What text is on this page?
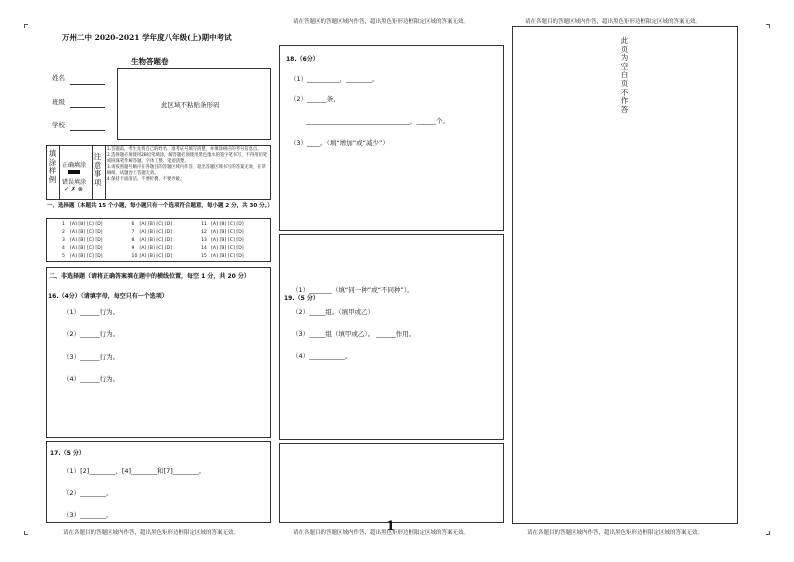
请在答题区的答题区域内作答，超出黑色矩形边框限定区域的答案无效。	请在各题目的答题区域内作答，超出黑色矩形边框限定区域的答案无效。
万州二中 2020-2021 学年度八年级(上)期中考试
生物答题卷
姓名
班级
学校
此区域不粘贴条形码
填
涂
样
例
正确填涂
错误填涂
✓ ✗ ⊗
注
意
事
项
1.答题前，考生先将自己的姓名、准考证号填写清楚，并填涂相应的考号信息点。
2.选择题必须使用2B铅笔填涂，解答题必须使用黑色墨水的签字笔书写，不得用铅笔或圆珠笔作解答题，字体工整、笔迹清楚。
3.请按照题号顺序在各题目的答题区域内作答，超出答题区域书写的答案无效，在草稿纸、试题卷上答题无效。
4.保持卡面清洁，不要折叠、不要弄破。
一、选择题（本题共 15 个小题，每小题只有一个选项符合题意，每小题 2 分，共 30 分。）
1 [A] [B] [C] [D]	6 [A] [B] [C] [D]	11 [A] [B] [C] [D]
2 [A] [B] [C] [D]	7 [A] [B] [C] [D]	12 [A] [B] [C] [D]
3 [A] [B] [C] [D]	8 [A] [B] [C] [D]	13 [A] [B] [C] [D]
4 [A] [B] [C] [D]	9 [A] [B] [C] [D]	14 [A] [B] [C] [D]
5 [A] [B] [C] [D]	10 [A] [B] [C] [D]	15 [A] [B] [C] [D]
二、非选择题（请将正确答案填在题中的横线位置，每空 1 分，共 20 分）
16.（4分）（请填字母，每空只有一个选项）
（1）______行为。
（2）______行为。
（3）______行为。
（4）______行为。
17.（5 分）
（1）[2]________、[4]________和[7]________。
（2）________。
（3）________。
请在各题目的答题区域内作答，超出黑色矩形边框限定区域的答案无效。
18.（6分）
（1）__________，________。
（2）______条，
________________________________，______个。
（3）____。（填“增加”或“减少”）
19.（5 分）
（1）_______（填“同一种”或“不同种”）。
（2）_____组。（填甲或乙）
（3）_____组（填甲或乙）。 ______作用。
（4）___________。
1
请在各题目的答题区域内作答，超出黑色矩形边框限定区域的答案无效。
此
页
为
空
白
页
不
作
答
请在各题目的答题区域内作答，超出黑色矩形边框限定区域的答案无效。
